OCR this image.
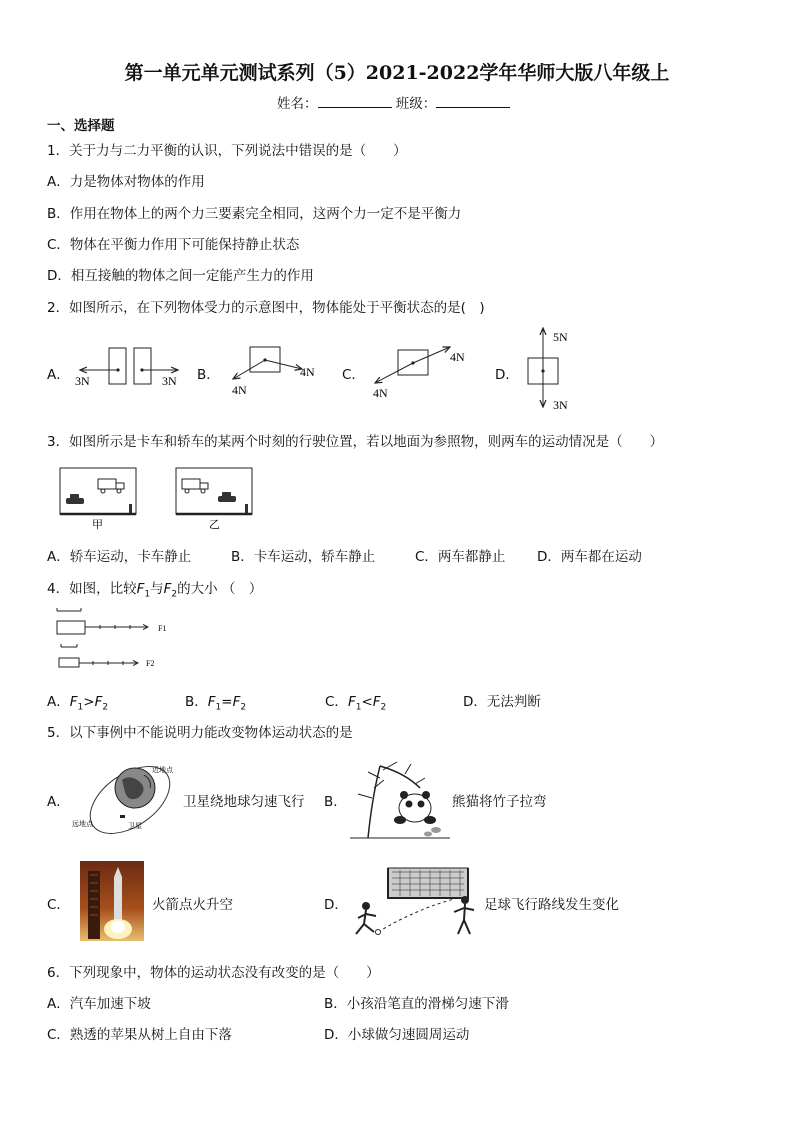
第一单元单元测试系列（5）2021-2022学年华师大版八年级上
姓名：	班级：
一、选择题
1．关于力与二力平衡的认识，下列说法中错误的是（　　）
A．力是物体对物体的作用
B．作用在物体上的两个力三要素完全相同，这两个力一定不是平衡力
C．物体在平衡力作用下可能保持静止状态
D．相互接触的物体之间一定能产生力的作用
2．如图所示，在下列物体受力的示意图中，物体能处于平衡状态的是(　)
A．	B．	C．	D．
3N	3N
4N
4N
4N
4N
5N
3N
3．如图所示是卡车和轿车的某两个时刻的行驶位置，若以地面为参照物，则两车的运动情况是（　　）
甲	乙
A．轿车运动，卡车静止	B．卡车运动，轿车静止	C．两车都静止 D．两车都在运动
4．如图，比较$F_1$与$F_2$的大小 （　）
F1
F2
A．$F_1>F_2$	B．$F_1=F_2$	C．$F_1<F_2$	D．无法判断
5．以下事例中不能说明力能改变物体运动状态的是
A．
近地点
远地点	卫星
卫星绕地球匀速飞行 B．	熊猫将竹子拉弯
C．	火箭点火升空	D．	足球飞行路线发生变化
6．下列现象中，物体的运动状态没有改变的是（　　）
A．汽车加速下坡	B．小孩沿笔直的滑梯匀速下滑
C．熟透的苹果从树上自由下落	D．小球做匀速圆周运动
